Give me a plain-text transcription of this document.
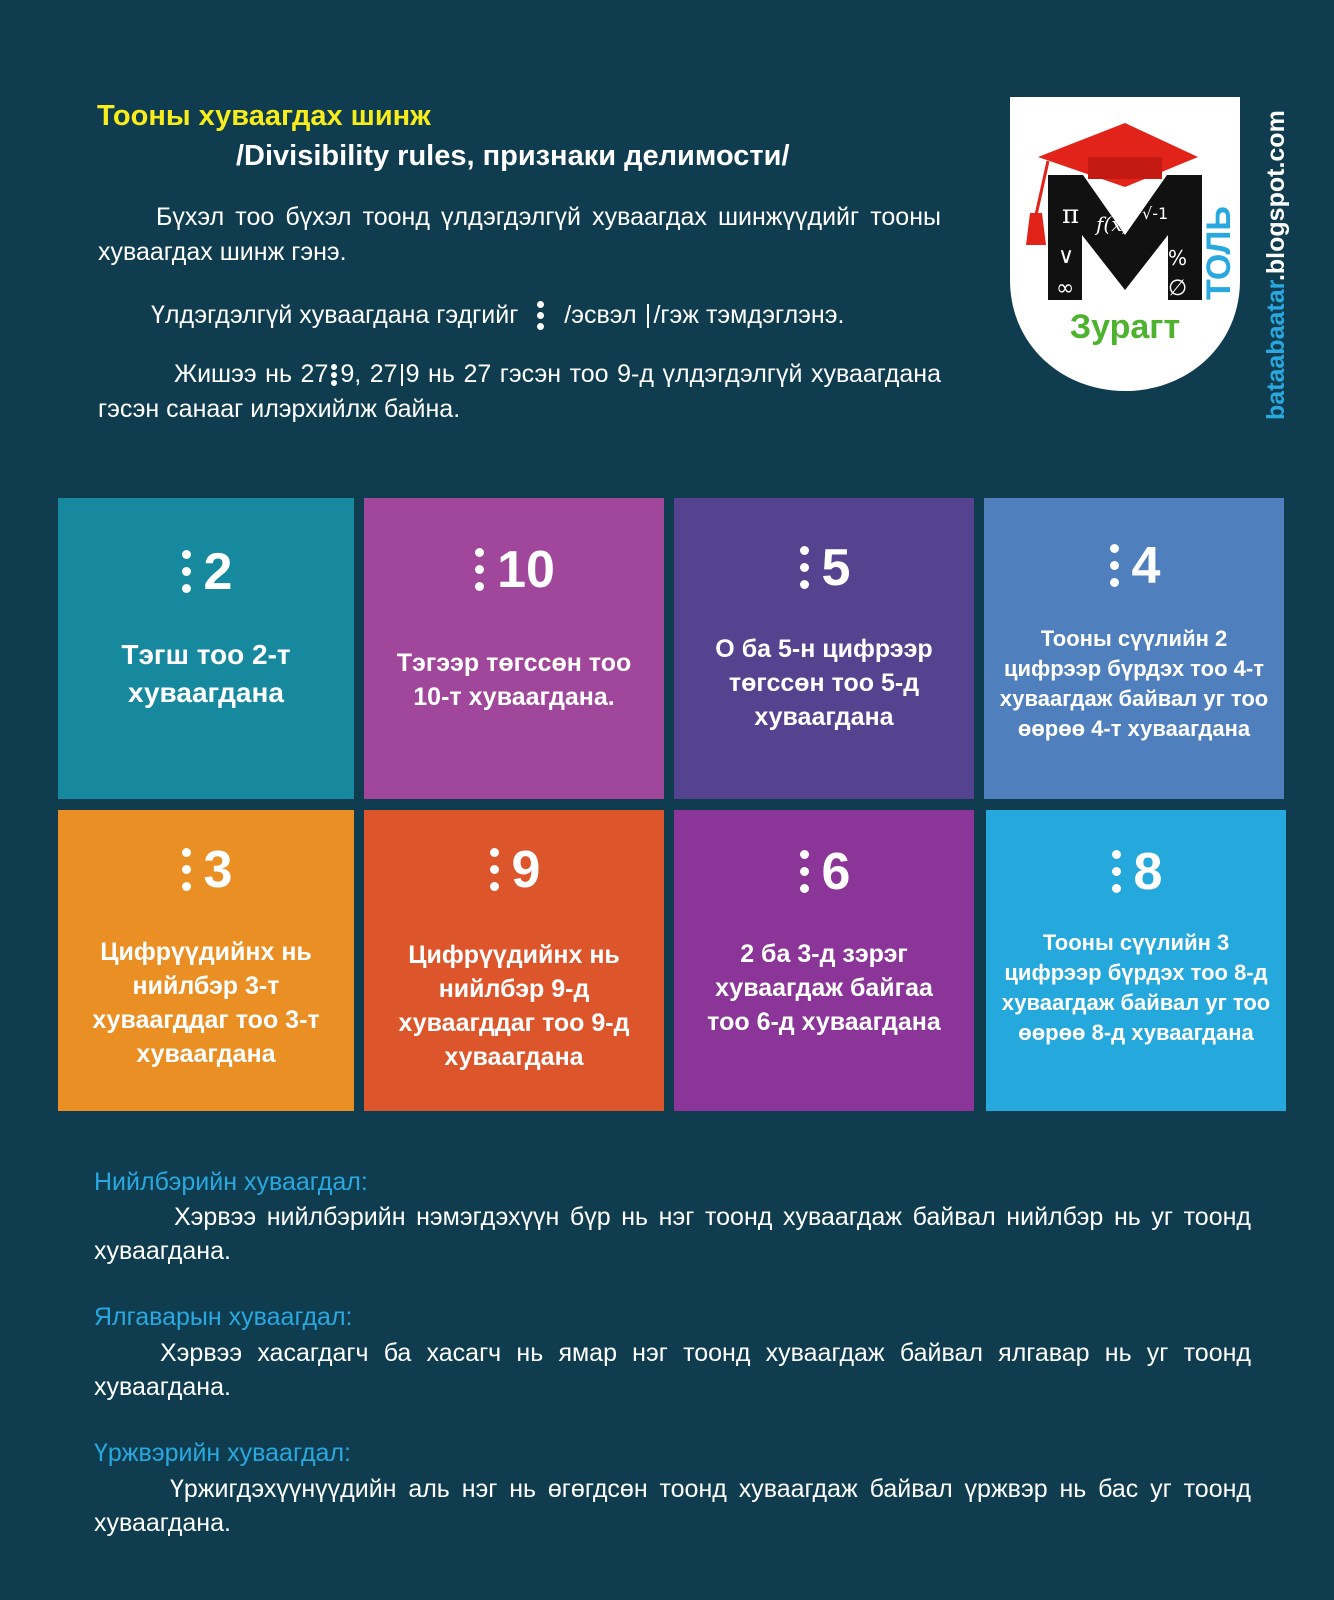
Тооны хуваагдах шинж
/Divisibility rules, признаки делимости/
Бүхэл тоо бүхэл тоонд үлдэгдэлгүй хуваагдах шинжүүдийг тооны хуваагдах шинж гэнэ.
Үлдэгдэлгүй хуваагдана гэдгийг /эсвэл /гэж тэмдэглэнэ.
Жишээ нь 27 9, 27 9 нь 27 гэсэн тоо 9-д үлдэгдэлгүй хуваагдана гэсэн санааг илэрхийлж байна.
π f(x) √-1
∨	%
∞	∅
Зурагт
ТОЛЬ
bataabaatar.blogspot.com
2
Тэгш тоо 2-т хуваагдана
10
Тэгээр төгссөн тоо 10-т хуваагдана.
5
О ба 5-н цифрээр төгссөн тоо 5-д хуваагдана
4
Тооны сүүлийн 2 цифрээр бүрдэх тоо 4-т хуваагдаж байвал уг тоо өөрөө 4-т хуваагдана
3
Цифрүүдийнх нь нийлбэр 3-т хуваагддаг тоо 3-т хуваагдана
9
Цифрүүдийнх нь нийлбэр 9-д хуваагддаг тоо 9-д хуваагдана
6
2 ба 3-д зэрэг хуваагдаж байгаа тоо 6-д хуваагдана
8
Тооны сүүлийн 3 цифрээр бүрдэх тоо 8-д хуваагдаж байвал уг тоо өөрөө 8-д хуваагдана
Нийлбэрийн хуваагдал:
Хэрвээ нийлбэрийн нэмэгдэхүүн бүр нь нэг тоонд хуваагдаж байвал нийлбэр нь уг тоонд хуваагдана.
Ялгаварын хуваагдал:
Хэрвээ хасагдагч ба хасагч нь ямар нэг тоонд хуваагдаж байвал ялгавар нь уг тоонд хуваагдана.
Үржвэрийн хуваагдал:
Үржигдэхүүнүүдийн аль нэг нь өгөгдсөн тоонд хуваагдаж байвал үржвэр нь бас уг тоонд хуваагдана.
